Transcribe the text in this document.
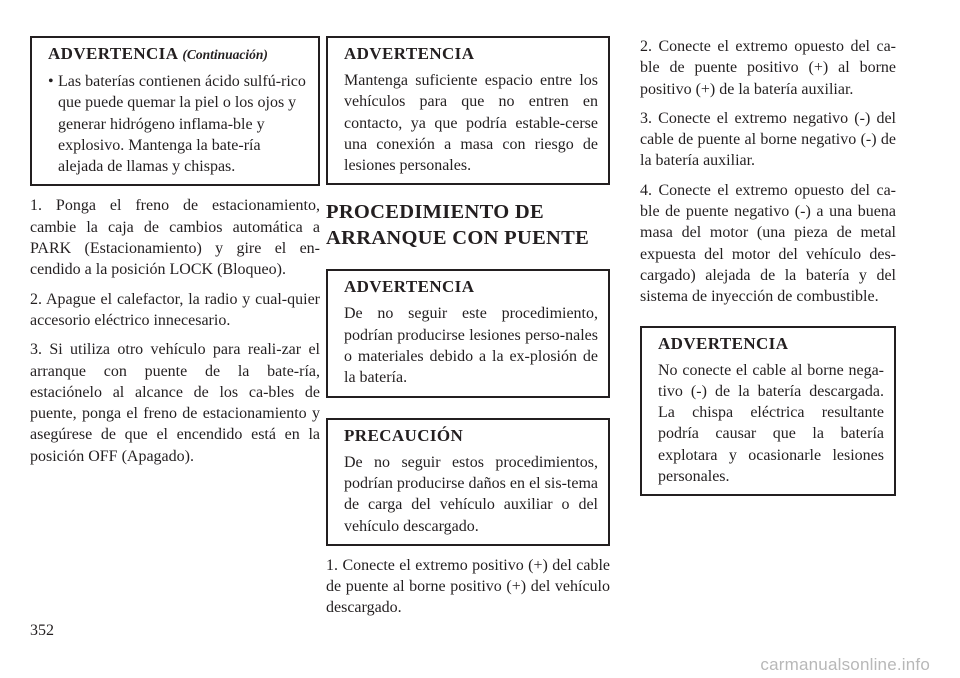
ADVERTENCIA (Continuación)
• Las baterías contienen ácido sulfú-rico que puede quemar la piel o los ojos y generar hidrógeno inflama-ble y explosivo. Mantenga la bate-ría alejada de llamas y chispas.

1. Ponga el freno de estacionamiento, cambie la caja de cambios automática a PARK (Estacionamiento) y gire el en-cendido a la posición LOCK (Bloqueo).

2. Apague el calefactor, la radio y cual-quier accesorio eléctrico innecesario.

3. Si utiliza otro vehículo para reali-zar el arranque con puente de la bate-ría, estaciónelo al alcance de los ca-bles de puente, ponga el freno de estacionamiento y asegúrese de que el encendido está en la posición OFF (Apagado).

ADVERTENCIA

Mantenga suficiente espacio entre los vehículos para que no entren en contacto, ya que podría estable-cerse una conexión a masa con riesgo de lesiones personales.

PROCEDIMIENTO DE ARRANQUE CON PUENTE
ADVERTENCIA

De no seguir este procedimiento, podrían producirse lesiones perso-nales o materiales debido a la ex-plosión de la batería.

PRECAUCIÓN

De no seguir estos procedimientos, podrían producirse daños en el sis-tema de carga del vehículo auxiliar o del vehículo descargado.

1. Conecte el extremo positivo (+) del cable de puente al borne positivo (+) del vehículo descargado.

2. Conecte el extremo opuesto del ca-ble de puente positivo (+) al borne positivo (+) de la batería auxiliar.

3. Conecte el extremo negativo (-) del cable de puente al borne negativo (-) de la batería auxiliar.

4. Conecte el extremo opuesto del ca-ble de puente negativo (-) a una buena masa del motor (una pieza de metal expuesta del motor del vehículo des-cargado) alejada de la batería y del sistema de inyección de combustible.

ADVERTENCIA

No conecte el cable al borne nega-tivo (-) de la batería descargada. La chispa eléctrica resultante podría causar que la batería explotara y ocasionarle lesiones personales.

352
carmanualsonline.info
